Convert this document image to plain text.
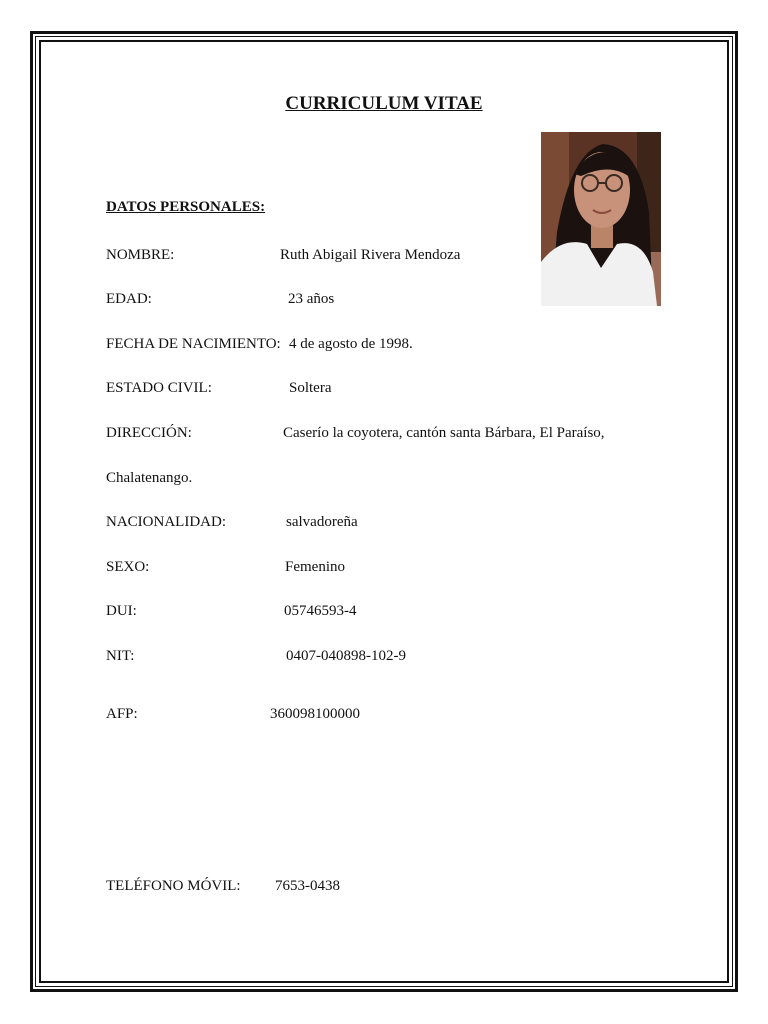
CURRICULUM VITAE
DATOS PERSONALES:
NOMBRE:	Ruth Abigail Rivera Mendoza
EDAD:	23 años
FECHA DE NACIMIENTO: 4 de agosto de 1998.
ESTADO CIVIL:	Soltera
DIRECCIÓN:	Caserío la coyotera, cantón santa Bárbara, El Paraíso,
Chalatenango.
NACIONALIDAD:	salvadoreña
SEXO:	Femenino
DUI:	05746593-4
NIT:	0407-040898-102-9
AFP:	360098100000
TELÉFONO MÓVIL: 7653-0438
